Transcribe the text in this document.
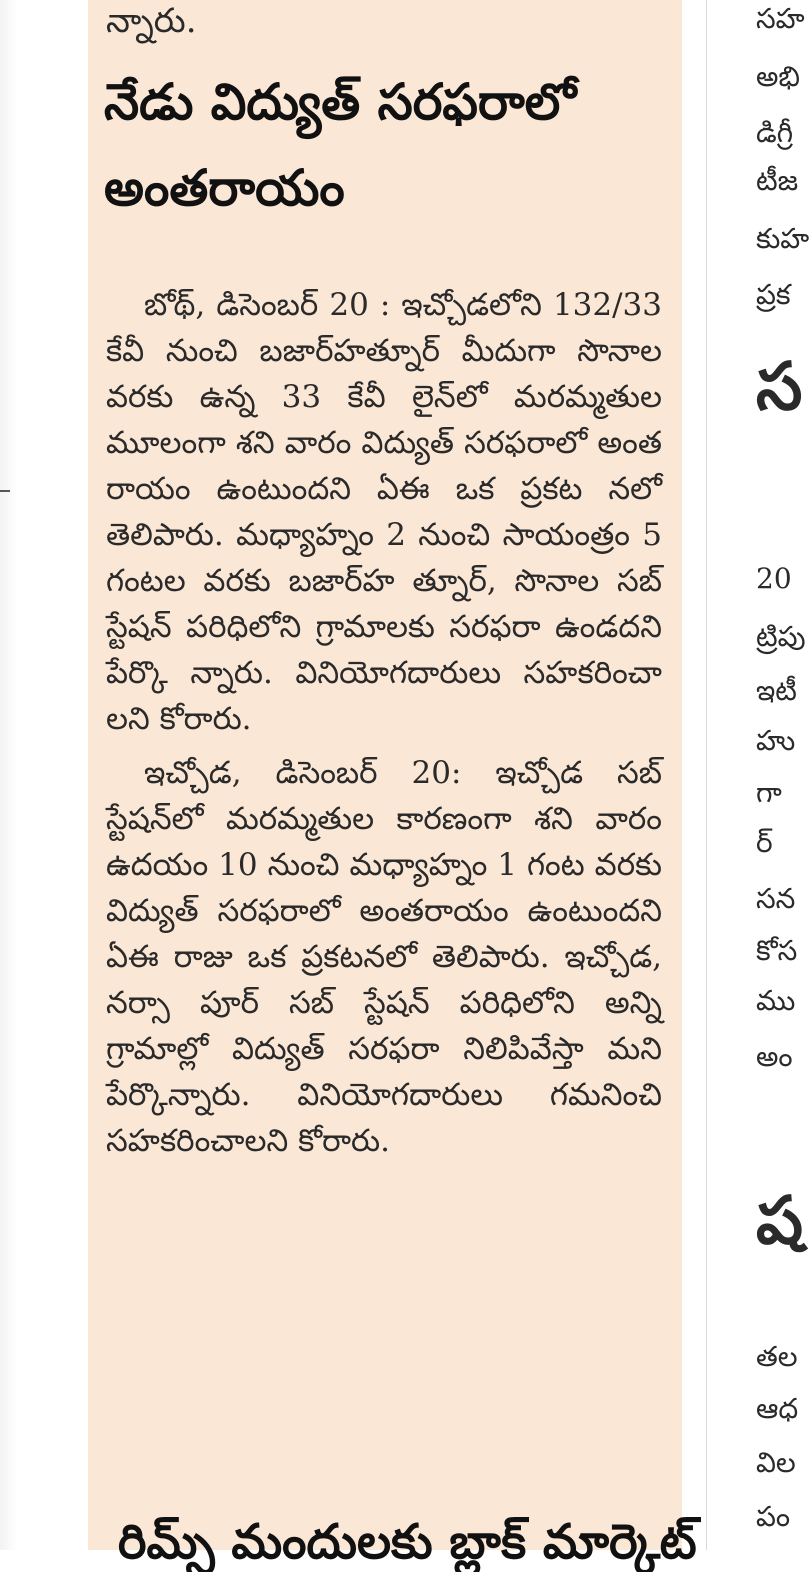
న్నారు.

నేడు విద్యుత్ సరఫరాలో
అంతరాయం

బోథ్, డిసెంబర్ 20 : ఇచ్చోడలోని 132/33 కేవీ నుంచి బజార్‌హత్నూర్ మీదుగా సొనాల వరకు ఉన్న 33 కేవీ లైన్‌లో మరమ్మతుల మూలంగా శని వారం విద్యుత్ సరఫరాలో అంత రాయం ఉంటుందని ఏఈ ఒక ప్రకట నలో తెలిపారు. మధ్యాహ్నం 2 నుంచి సాయంత్రం 5 గంటల వరకు బజార్‌హ త్నూర్, సొనాల సబ్ స్టేషన్ పరిధిలోని గ్రామాలకు సరఫరా ఉండదని పేర్కొ న్నారు. వినియోగదారులు సహకరించా లని కోరారు.

ఇచ్చోడ, డిసెంబర్ 20: ఇచ్చోడ సబ్ స్టేషన్‌లో మరమ్మతుల కారణంగా శని వారం ఉదయం 10 నుంచి మధ్యాహ్నం 1 గంట వరకు విద్యుత్ సరఫరాలో అంతరాయం ఉంటుందని ఏఈ రాజు ఒక ప్రకటనలో తెలిపారు. ఇచ్చోడ, నర్సా పూర్ సబ్ స్టేషన్ పరిధిలోని అన్ని గ్రామాల్లో విద్యుత్ సరఫరా నిలిపివేస్తా మని పేర్కొన్నారు. వినియోగదారులు గమనించి సహకరించాలని కోరారు.

రిమ్స్ మందులకు బ్లాక్ మార్కెట్

సహ

అభి

డిగ్రీ

టీజ

కుహ

ప్రక

స

20

ట్రిపు

ఇటీ

హు

గా

ర్

సన

కోస

ము

అం

ష

తల

ఆధ

విల

పం
